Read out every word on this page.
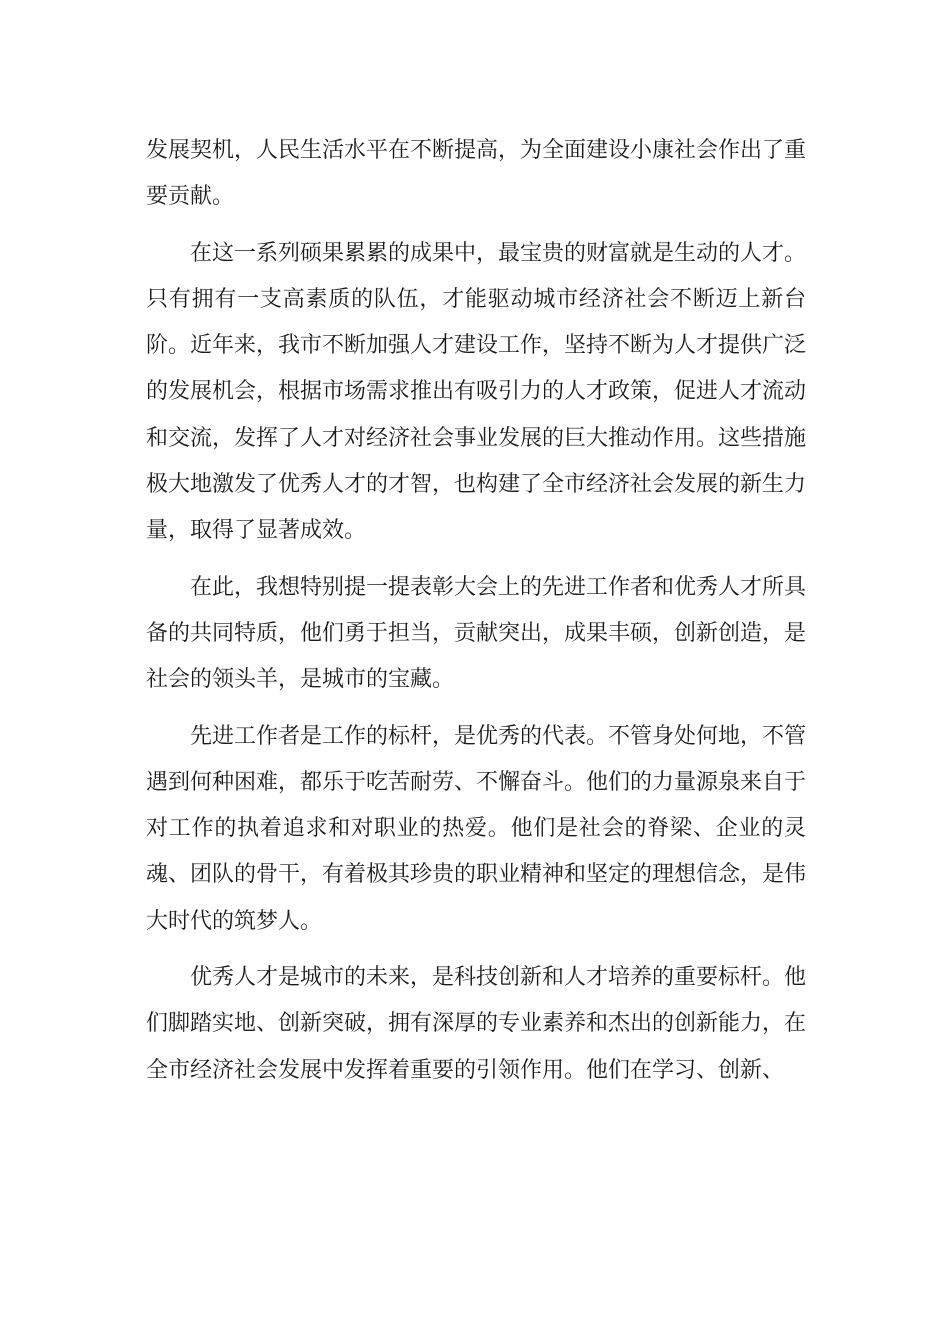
发展契机，人民生活水平在不断提高，为全面建设小康社会作出了重要贡献。

在这一系列硕果累累的成果中，最宝贵的财富就是生动的人才。只有拥有一支高素质的队伍，才能驱动城市经济社会不断迈上新台阶。近年来，我市不断加强人才建设工作，坚持不断为人才提供广泛的发展机会，根据市场需求推出有吸引力的人才政策，促进人才流动和交流，发挥了人才对经济社会事业发展的巨大推动作用。这些措施极大地激发了优秀人才的才智，也构建了全市经济社会发展的新生力量，取得了显著成效。

在此，我想特别提一提表彰大会上的先进工作者和优秀人才所具备的共同特质，他们勇于担当，贡献突出，成果丰硕，创新创造，是社会的领头羊，是城市的宝藏。

先进工作者是工作的标杆，是优秀的代表。不管身处何地，不管遇到何种困难，都乐于吃苦耐劳、不懈奋斗。他们的力量源泉来自于对工作的执着追求和对职业的热爱。他们是社会的脊梁、企业的灵魂、团队的骨干，有着极其珍贵的职业精神和坚定的理想信念，是伟大时代的筑梦人。

优秀人才是城市的未来，是科技创新和人才培养的重要标杆。他们脚踏实地、创新突破，拥有深厚的专业素养和杰出的创新能力，在全市经济社会发展中发挥着重要的引领作用。他们在学习、创新、
